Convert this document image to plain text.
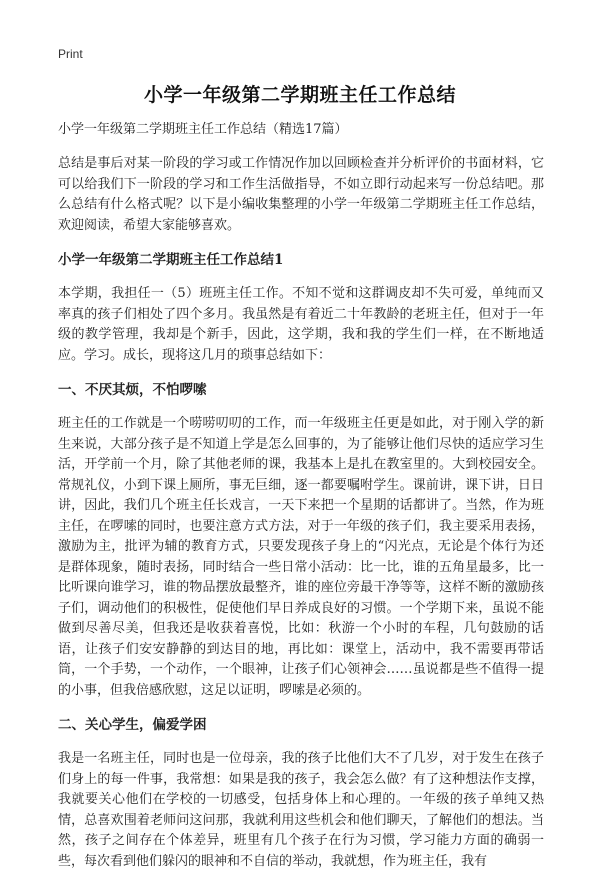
Print
小学一年级第二学期班主任工作总结

小学一年级第二学期班主任工作总结（精选17篇）

总结是事后对某一阶段的学习或工作情况作加以回顾检查并分析评价的书面材料，它可以给我们下一阶段的学习和工作生活做指导，不如立即行动起来写一份总结吧。那么总结有什么格式呢？以下是小编收集整理的小学一年级第二学期班主任工作总结，欢迎阅读，希望大家能够喜欢。

小学一年级第二学期班主任工作总结1

本学期，我担任一（5）班班主任工作。不知不觉和这群调皮却不失可爱，单纯而又率真的孩子们相处了四个多月。我虽然是有着近二十年教龄的老班主任，但对于一年级的教学管理，我却是个新手，因此，这学期，我和我的学生们一样，在不断地适应。学习。成长，现将这几月的琐事总结如下：

一、不厌其烦，不怕啰嗦

班主任的工作就是一个唠唠叨叨的工作，而一年级班主任更是如此，对于刚入学的新生来说，大部分孩子是不知道上学是怎么回事的，为了能够让他们尽快的适应学习生活，开学前一个月，除了其他老师的课，我基本上是扎在教室里的。大到校园安全。常规礼仪，小到下课上厕所，事无巨细，逐一都要嘱咐学生。课前讲，课下讲，日日讲，因此，我们几个班主任长戏言，一天下来把一个星期的话都讲了。当然，作为班主任，在啰嗦的同时，也要注意方式方法，对于一年级的孩子们，我主要采用表扬，激励为主，批评为辅的教育方式，只要发现孩子身上的“闪光点，无论是个体行为还是群体现象，随时表扬，同时结合一些日常小活动：比一比，谁的五角星最多，比一比听课向谁学习，谁的物品摆放最整齐，谁的座位旁最干净等等，这样不断的激励孩子们，调动他们的积极性，促使他们早日养成良好的习惯。一个学期下来，虽说不能做到尽善尽美，但我还是收获着喜悦，比如：秋游一个小时的车程，几句鼓励的话语，让孩子们安安静静的到达目的地，再比如：课堂上，活动中，我不需要再带话筒，一个手势，一个动作，一个眼神，让孩子们心领神会……虽说都是些不值得一提的小事，但我倍感欣慰，这足以证明，啰嗦是必须的。

二、关心学生，偏爱学困

我是一名班主任，同时也是一位母亲，我的孩子比他们大不了几岁，对于发生在孩子们身上的每一件事，我常想：如果是我的孩子，我会怎么做？有了这种想法作支撑，我就要关心他们在学校的一切感受，包括身体上和心理的。一年级的孩子单纯又热情，总喜欢围着老师问这问那，我就利用这些机会和他们聊天，了解他们的想法。当然，孩子之间存在个体差异，班里有几个孩子在行为习惯，学习能力方面的确弱一些，每次看到他们躲闪的眼神和不自信的举动，我就想，作为班主任，我有
